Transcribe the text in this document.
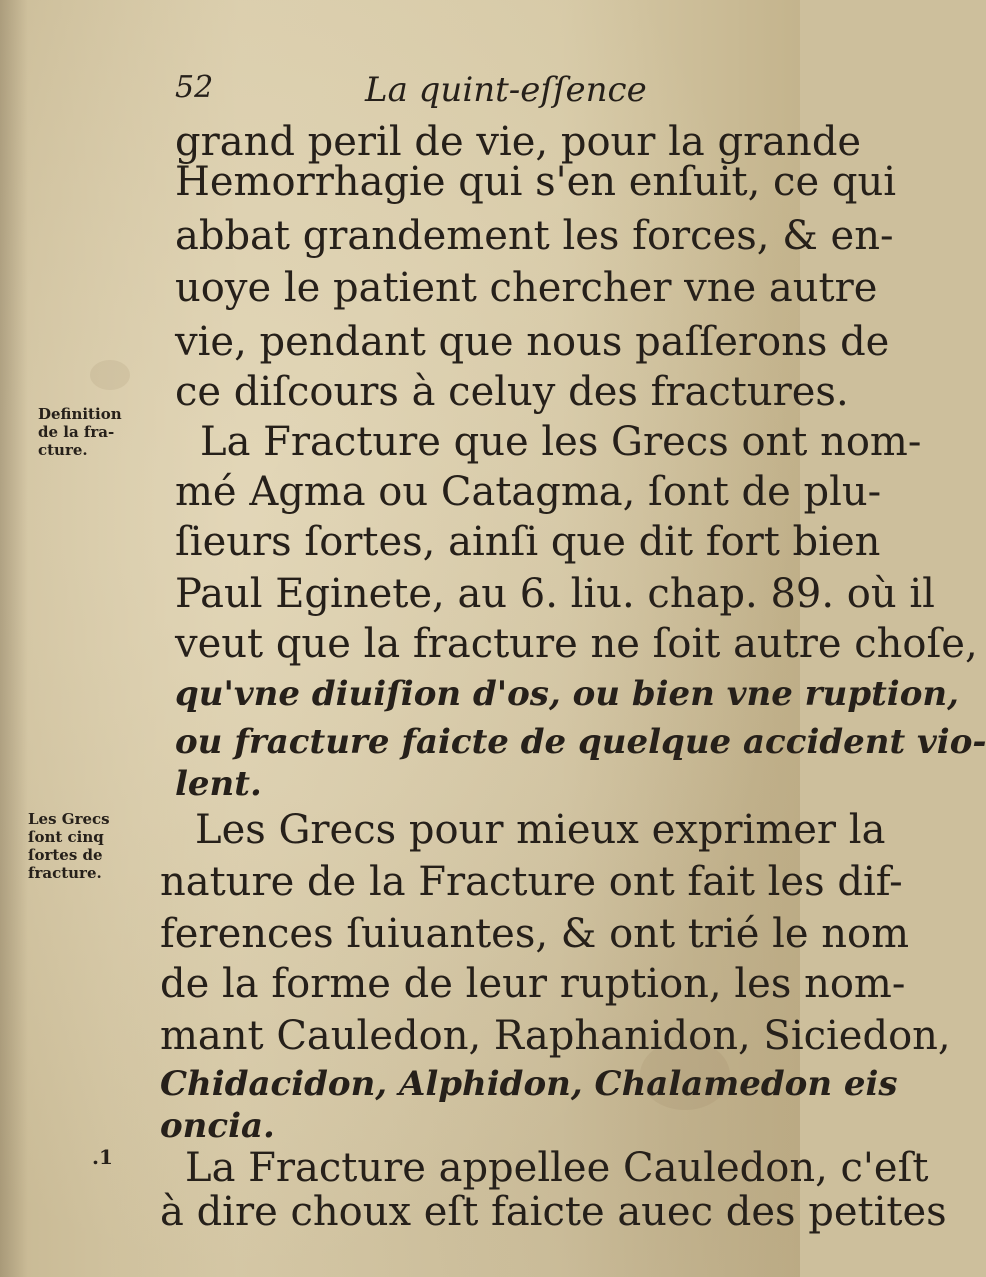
52	La quint-eſſence
grand peril de vie, pour la grande
Hemorrhagie qui s'en enſuit, ce qui
abbat grandement les forces, & en-
uoye le patient chercher vne autre
vie, pendant que nous paſſerons de
ce diſcours à celuy des fractures.
La Fracture que les Grecs ont nom-
mé Agma ou Catagma, ſont de plu-
ſieurs ſortes, ainſi que dit fort bien
Paul Eginete, au 6. liu. chap. 89. où il
veut que la fracture ne ſoit autre choſe,
qu'vne diuiſion d'os, ou bien vne ruption,
ou fracture faicte de quelque accident vio-
lent.
Les Grecs pour mieux exprimer la
nature de la Fracture ont fait les dif-
ferences ſuiuantes, & ont trié le nom
de la forme de leur ruption, les nom-
mant Cauledon, Raphanidon, Siciedon,
Chidacidon, Alphidon, Chalamedon eis
oncia.
La Fracture appellee Cauledon, c'eſt
à dire choux eſt faicte auec des petites
Definition
de la fra-
cture.
Les Grecs
ſont cinq
ſortes de
fracture.
.1
